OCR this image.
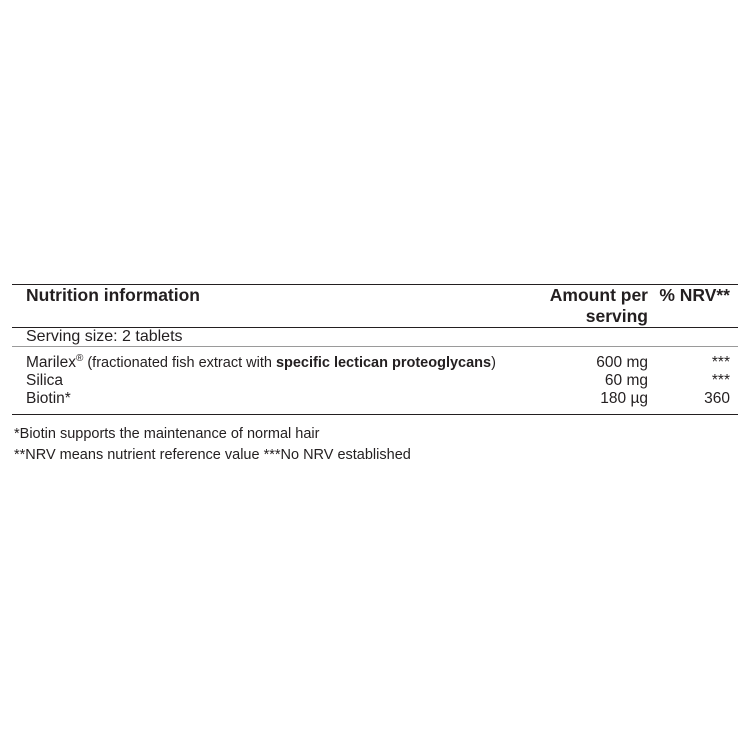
Nutrition information	Amount per serving	% NRV**
Serving size: 2 tablets		
Marilex® (fractionated fish extract with specific lectican proteoglycans)	600 mg	***
Silica	60 mg	***
Biotin*	180 µg	360
*Biotin supports the maintenance of normal hair
**NRV means nutrient reference value ***No NRV established
